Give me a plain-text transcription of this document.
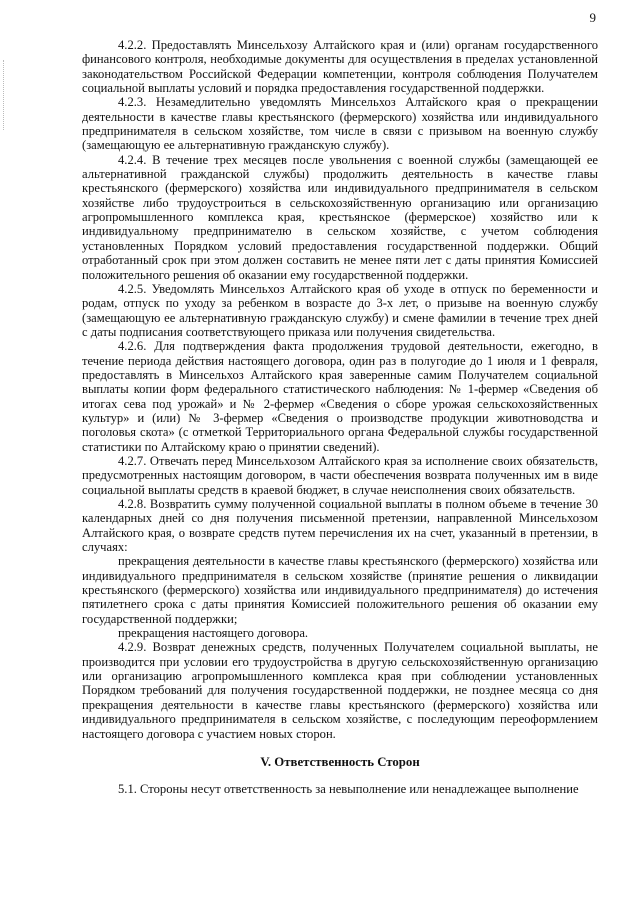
9

4.2.2. Предоставлять Минсельхозу Алтайского края и (или) органам государственного финансового контроля, необходимые документы для осуществления в пределах установленной законодательством Российской Федерации компетенции, контроля соблюдения Получателем социальной выплаты условий и порядка предоставления государственной поддержки.

4.2.3. Незамедлительно уведомлять Минсельхоз Алтайского края о прекращении деятельности в качестве главы крестьянского (фермерского) хозяйства или индивидуального предпринимателя в сельском хозяйстве, том числе в связи с призывом на военную службу (замещающую ее альтернативную гражданскую службу).

4.2.4. В течение трех месяцев после увольнения с военной службы (замещающей ее альтернативной гражданской службы) продолжить деятельность в качестве главы крестьянского (фермерского) хозяйства или индивидуального предпринимателя в сельском хозяйстве либо трудоустроиться в сельскохозяйственную организацию или организацию агропромышленного комплекса края, крестьянское (фермерское) хозяйство или к индивидуальному предпринимателю в сельском хозяйстве, с учетом соблюдения установленных Порядком условий предоставления государственной поддержки. Общий отработанный срок при этом должен составить не менее пяти лет с даты принятия Комиссией положительного решения об оказании ему государственной поддержки.

4.2.5. Уведомлять Минсельхоз Алтайского края об уходе в отпуск по беременности и родам, отпуск по уходу за ребенком в возрасте до 3-х лет, о призыве на военную службу (замещающую ее альтернативную гражданскую службу) и смене фамилии в течение трех дней с даты подписания соответствующего приказа или получения свидетельства.

4.2.6. Для подтверждения факта продолжения трудовой деятельности, ежегодно, в течение периода действия настоящего договора, один раз в полугодие до 1 июля и 1 февраля, предоставлять в Минсельхоз Алтайского края заверенные самим Получателем социальной выплаты копии форм федерального статистического наблюдения: № 1-фермер «Сведения об итогах сева под урожай» и № 2-фермер «Сведения о сборе урожая сельскохозяйственных культур» и (или) № 3-фермер «Сведения о производстве продукции животноводства и поголовья скота» (с отметкой Территориального органа Федеральной службы государственной статистики по Алтайскому краю о принятии сведений).

4.2.7. Отвечать перед Минсельхозом Алтайского края за исполнение своих обязательств, предусмотренных настоящим договором, в части обеспечения возврата полученных им в виде социальной выплаты средств в краевой бюджет, в случае неисполнения своих обязательств.

4.2.8. Возвратить сумму полученной социальной выплаты в полном объеме в течение 30 календарных дней со дня получения письменной претензии, направленной Минсельхозом Алтайского края, о возврате средств путем перечисления их на счет, указанный в претензии, в случаях:

прекращения деятельности в качестве главы крестьянского (фермерского) хозяйства или индивидуального предпринимателя в сельском хозяйстве (принятие решения о ликвидации крестьянского (фермерского) хозяйства или индивидуального предпринимателя) до истечения пятилетнего срока с даты принятия Комиссией положительного решения об оказании ему государственной поддержки;

прекращения настоящего договора.

4.2.9. Возврат денежных средств, полученных Получателем социальной выплаты, не производится при условии его трудоустройства в другую сельскохозяйственную организацию или организацию агропромышленного комплекса края при соблюдении установленных Порядком требований для получения государственной поддержки, не позднее месяца со дня прекращения деятельности в качестве главы крестьянского (фермерского) хозяйства или индивидуального предпринимателя в сельском хозяйстве, с последующим переоформлением настоящего договора с участием новых сторон.

V. Ответственность Сторон

5.1. Стороны несут ответственность за невыполнение или ненадлежащее выполнение
